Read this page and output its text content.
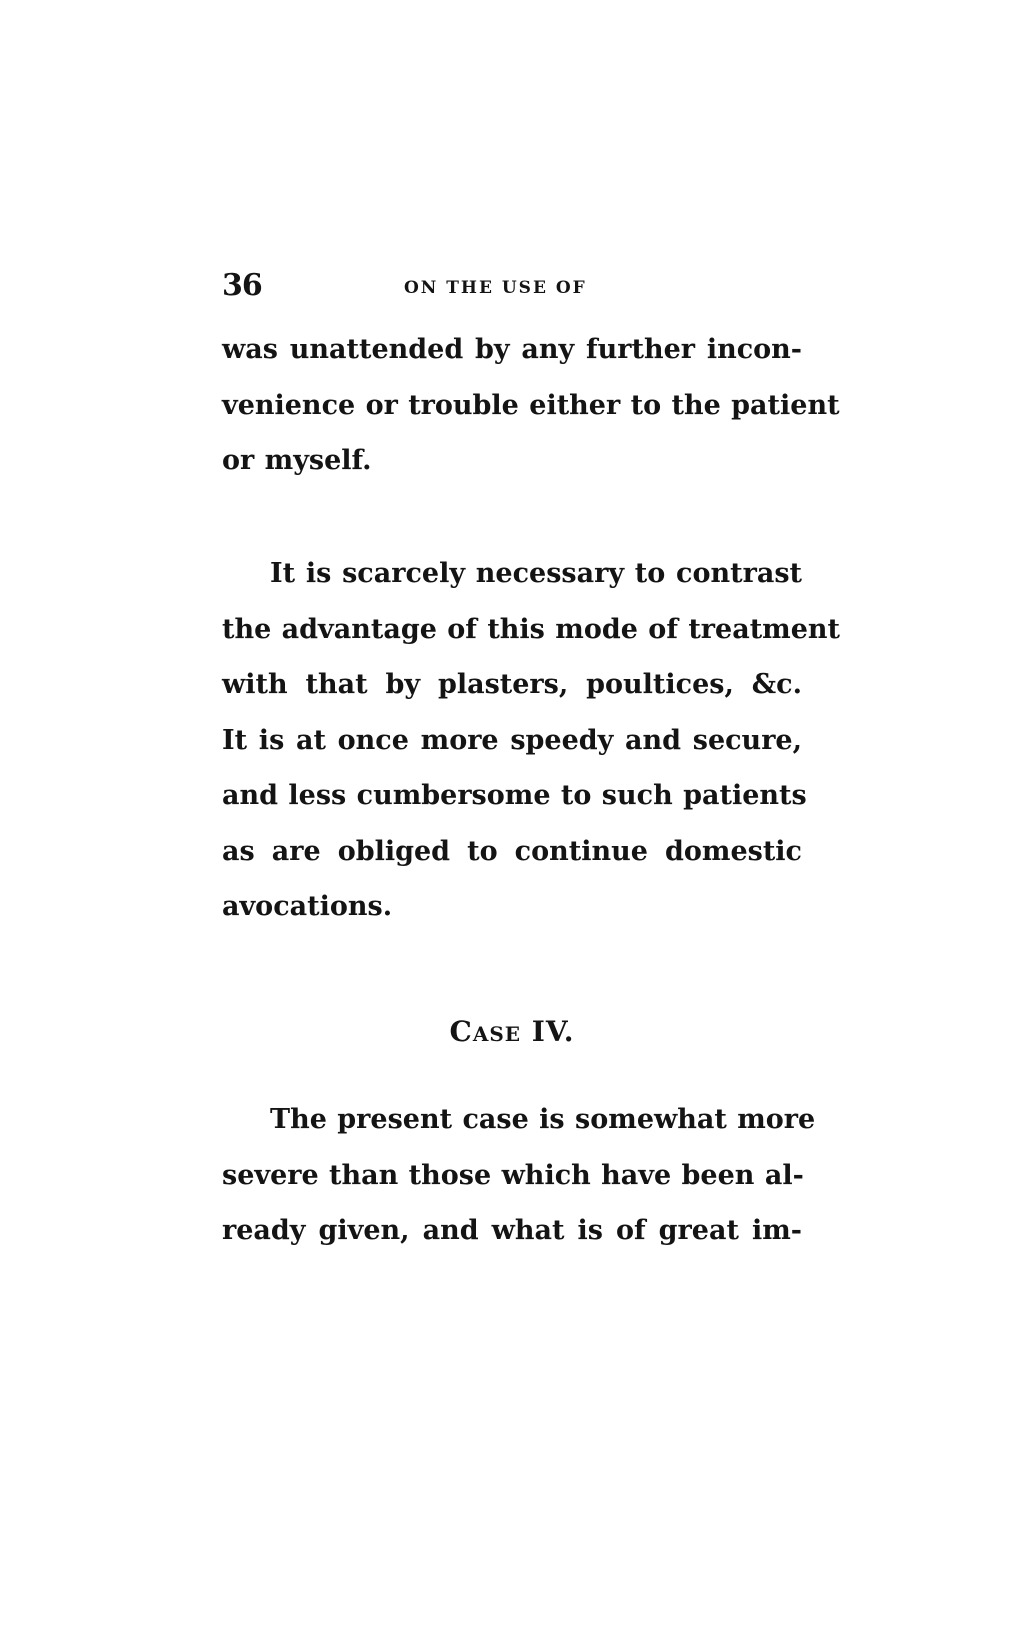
36	ON THE USE OF
was unattended by any further incon-
venience or trouble either to the patient
or myself.
It is scarcely necessary to contrast
the advantage of this mode of treatment
with that by plasters, poultices, &c.
It is at once more speedy and secure,
and less cumbersome to such patients
as are obliged to continue domestic
avocations.
Case IV.
The present case is somewhat more
severe than those which have been al-
ready given, and what is of great im-
